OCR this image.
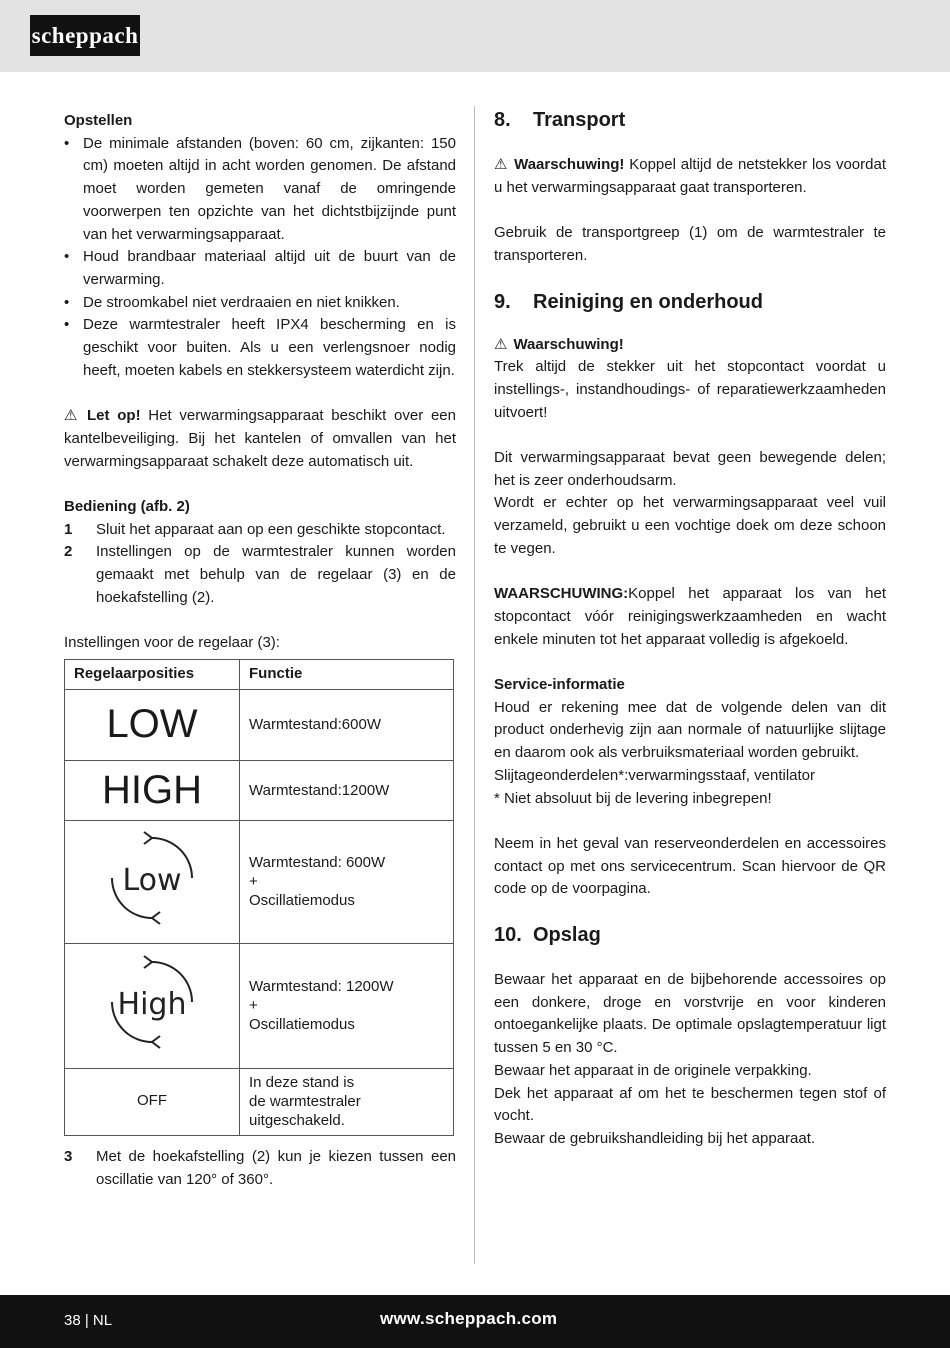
scheppach

Opstellen

• De minimale afstanden (boven: 60 cm, zijkanten: 150 cm) moeten altijd in acht worden genomen. De afstand moet worden gemeten vanaf de omringende voorwerpen ten opzichte van het dichtstbijzijnde punt van het verwarmingsapparaat.
• Houd brandbaar materiaal altijd uit de buurt van de verwarming.
• De stroomkabel niet verdraaien en niet knikken.
• Deze warmtestraler heeft IPX4 bescherming en is geschikt voor buiten. Als u een verlengsnoer nodig heeft, moeten kabels en stekkersysteem waterdicht zijn.

⚠ Let op! Het verwarmingsapparaat beschikt over een kantelbeveiliging. Bij het kantelen of omvallen van het verwarmingsapparaat schakelt deze automatisch uit.

Bediening (afb. 2)

1	Sluit het apparaat aan op een geschikte stopcontact.
2	Instellingen op de warmtestraler kunnen worden gemaakt met behulp van de regelaar (3) en de hoekafstelling (2).

Instellingen voor de regelaar (3):

Regelaarposities	Functie
LOW	Warmtestand:600W
HIGH	Warmtestand:1200W

Low	Warmtestand: 600W
+
Oscillatiemodus

High	Warmtestand: 1200W
+
Oscillatiemodus

OFF	In deze stand is
de warmtestraler
uitgeschakeld.
3	Met de hoekafstelling (2) kun je kiezen tussen een oscillatie van 120° of 360°.
8.	Transport

⚠ Waarschuwing! Koppel altijd de netstekker los voordat u het verwarmingsapparaat gaat transporteren.

Gebruik de transportgreep (1) om de warmtestraler te transporteren.

9.	Reiniging en onderhoud

⚠ Waarschuwing!

Trek altijd de stekker uit het stopcontact voordat u instellings-, instandhoudings- of reparatiewerkzaamheden uitvoert!

Dit verwarmingsapparaat bevat geen bewegende delen; het is zeer onderhoudsarm.

Wordt er echter op het verwarmingsapparaat veel vuil verzameld, gebruikt u een vochtige doek om deze schoon te vegen.

WAARSCHUWING:Koppel het apparaat los van het stopcontact vóór reinigingswerkzaamheden en wacht enkele minuten tot het apparaat volledig is afgekoeld.

Service-informatie

Houd er rekening mee dat de volgende delen van dit product onderhevig zijn aan normale of natuurlijke slijtage en daarom ook als verbruiksmateriaal worden gebruikt.

Slijtageonderdelen*:verwarmingsstaaf, ventilator

* Niet absoluut bij de levering inbegrepen!

Neem in het geval van reserveonderdelen en accessoires contact op met ons servicecentrum. Scan hiervoor de QR code op de voorpagina.

10. Opslag

Bewaar het apparaat en de bijbehorende accessoires op een donkere, droge en vorstvrije en voor kinderen ontoegankelijke plaats. De optimale opslagtemperatuur ligt tussen 5 en 30 °C.

Bewaar het apparaat in de originele verpakking.

Dek het apparaat af om het te beschermen tegen stof of vocht.

Bewaar de gebruikshandleiding bij het apparaat.

38 | NL	www.scheppach.com
